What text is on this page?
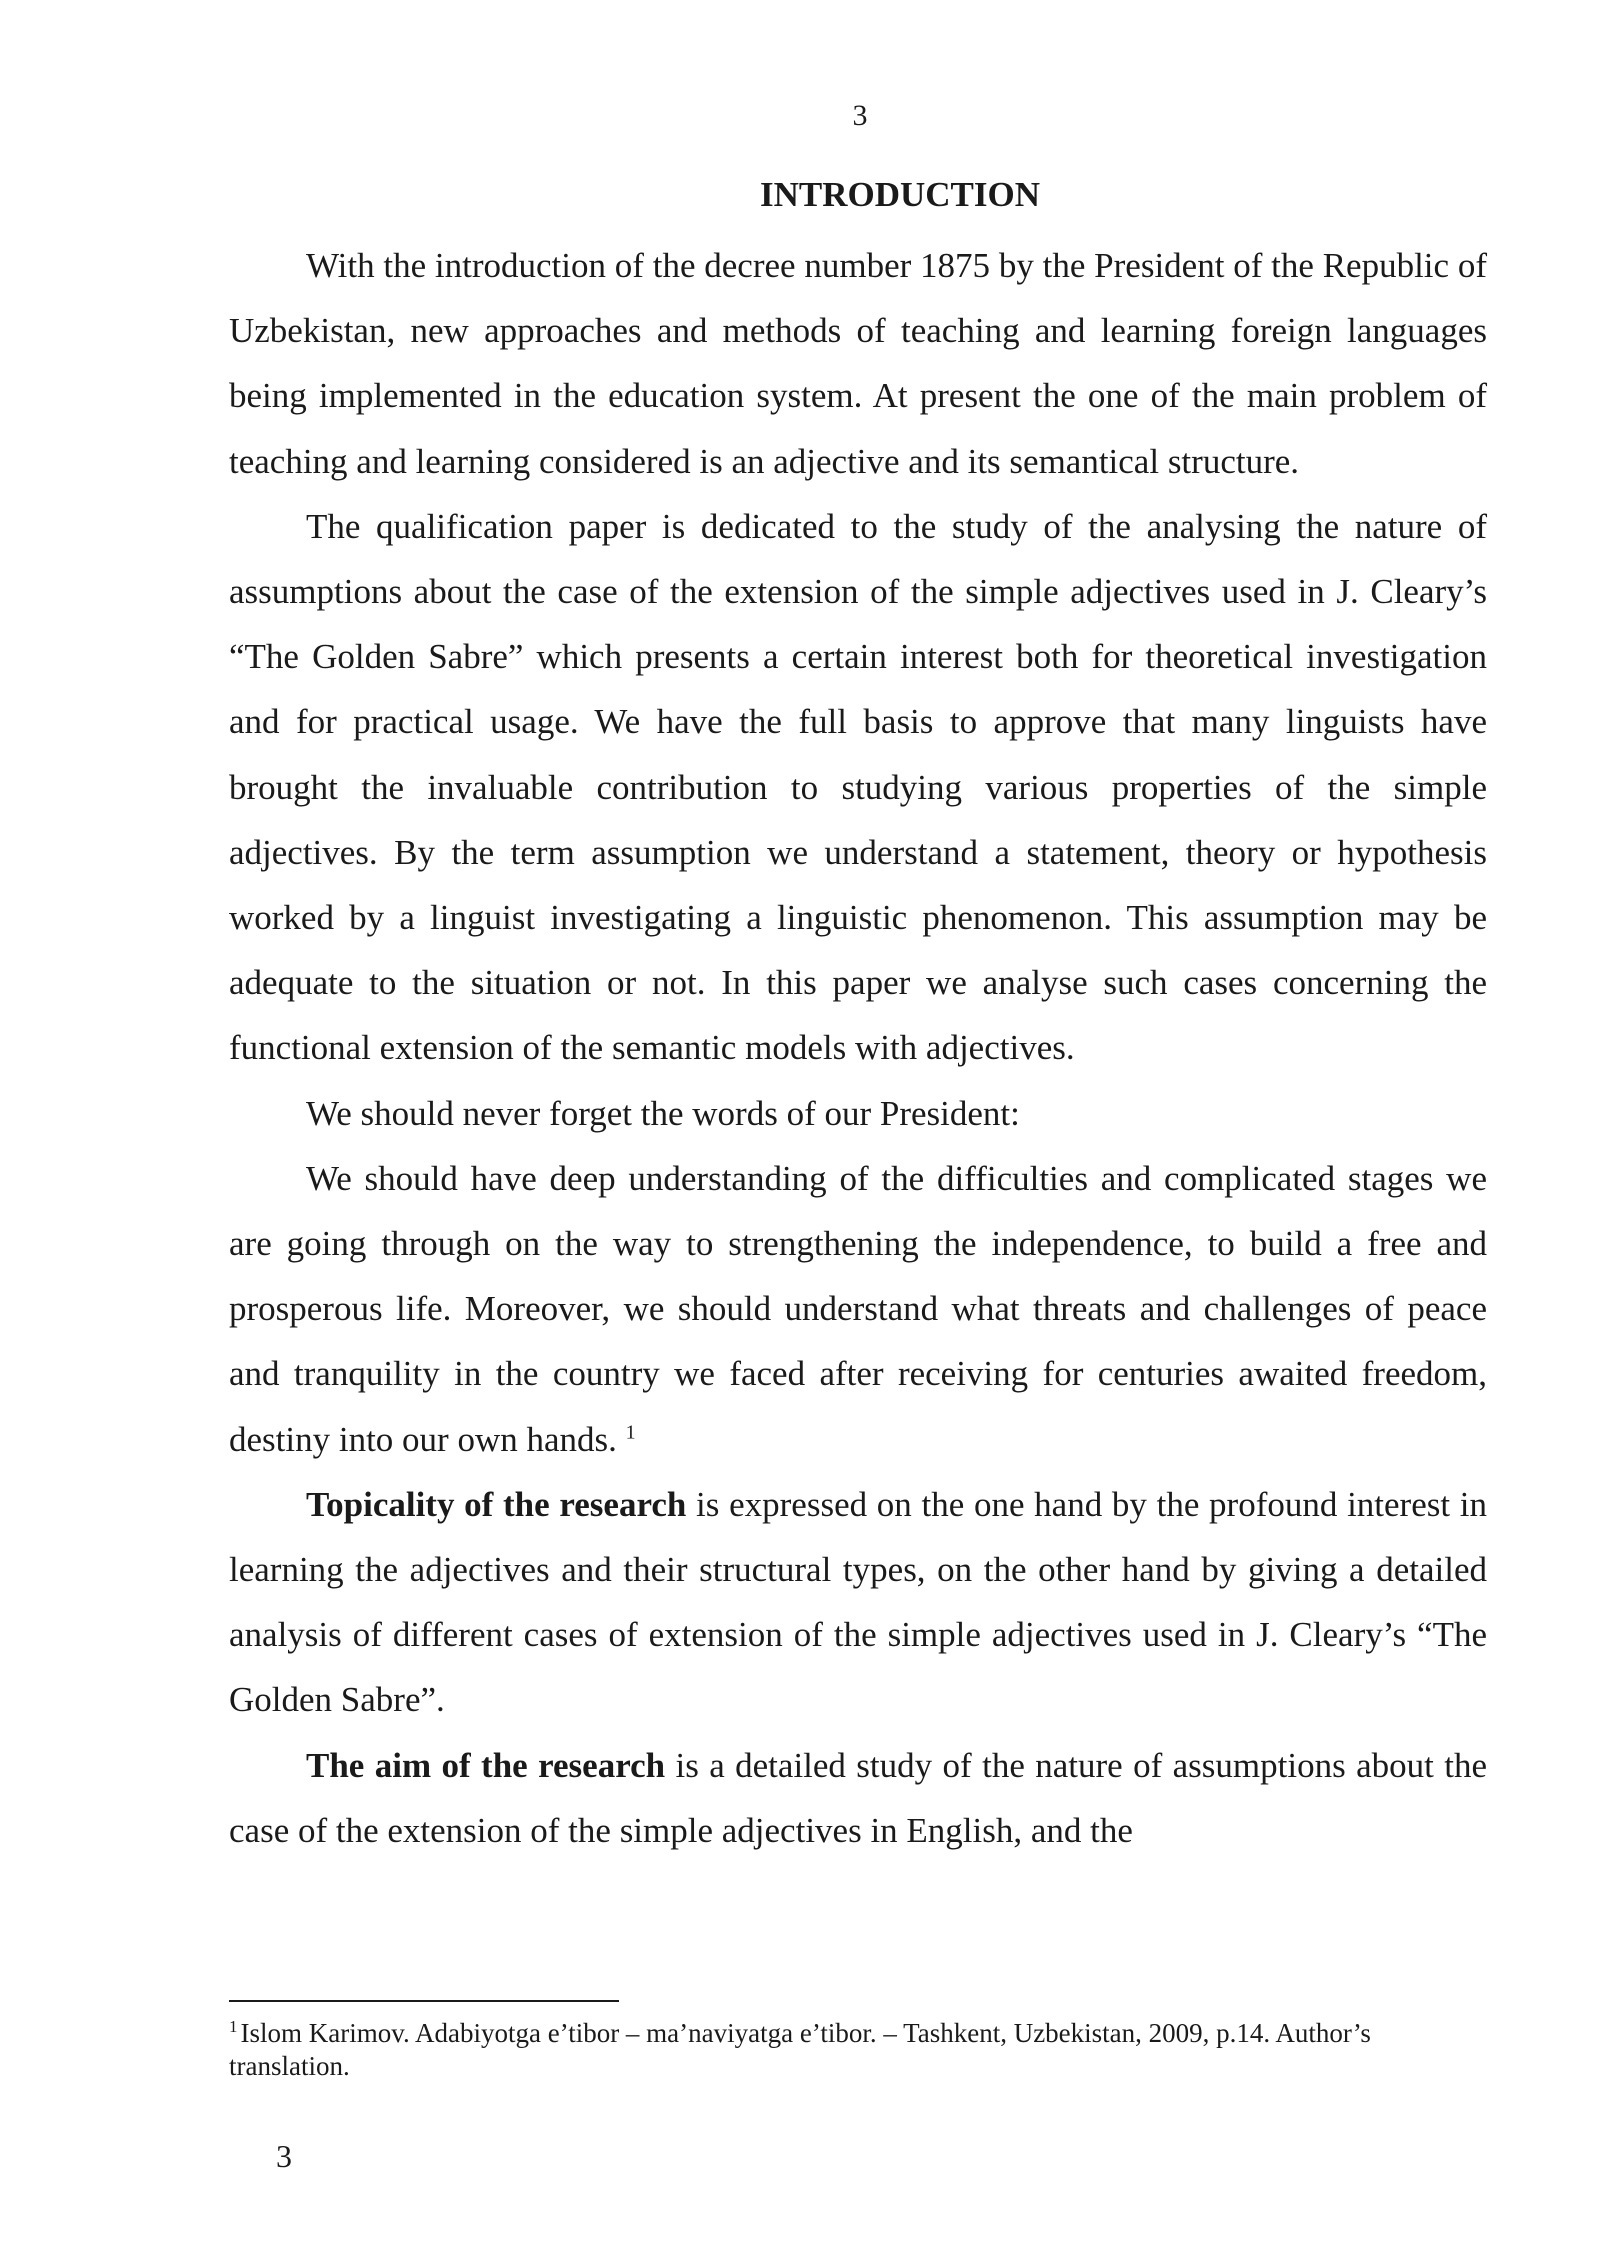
3
INTRODUCTION

With the introduction of the decree number 1875 by the President of the Republic of Uzbekistan, new approaches and methods of teaching and learning foreign languages being implemented in the education system. At present the one of the main problem of teaching and learning considered is an adjective and its semantical structure.

The qualification paper is dedicated to the study of the analysing the nature of assumptions about the case of the extension of the simple adjectives used in J. Cleary’s “The Golden Sabre” which presents a certain interest both for theoretical investigation and for practical usage. We have the full basis to approve that many linguists have brought the invaluable contribution to studying various properties of the simple adjectives. By the term assumption we understand a statement, theory or hypothesis worked by a linguist investigating a linguistic phenomenon. This assumption may be adequate to the situation or not. In this paper we analyse such cases concerning the functional extension of the semantic models with adjectives.

We should never forget the words of our President:

We should have deep understanding of the difficulties and complicated stages we are going through on the way to strengthening the independence, to build a free and prosperous life. Moreover, we should understand what threats and challenges of peace and tranquility in the country we faced after receiving for centuries awaited freedom, destiny into our own hands. $^1$

Topicality of the research is expressed on the one hand by the profound interest in learning the adjectives and their structural types, on the other hand by giving a detailed analysis of different cases of extension of the simple adjectives used in J. Cleary’s “The Golden Sabre”.

The aim of the research is a detailed study of the nature of assumptions about the case of the extension of the simple adjectives in English, and the

$^1$ Islom Karimov. Adabiyotga e’tibor – ma’naviyatga e’tibor. – Tashkent, Uzbekistan, 2009, p.14. Author’s translation.
3
